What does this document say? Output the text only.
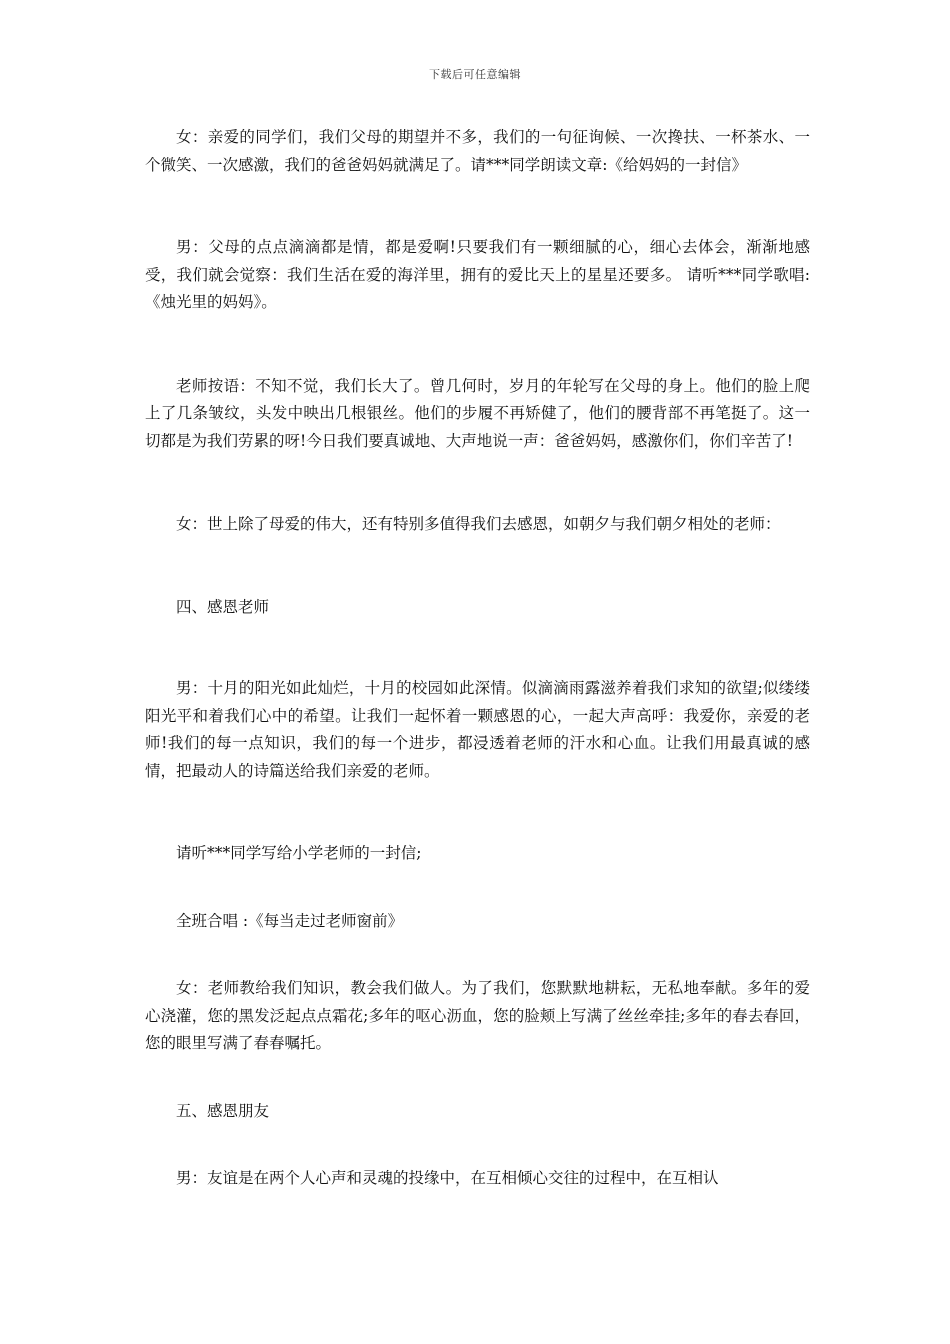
下载后可任意编辑

女：亲爱的同学们，我们父母的期望并不多，我们的一句征询候、一次搀扶、一杯茶水、一个微笑、一次感激，我们的爸爸妈妈就满足了。请***同学朗读文章:《给妈妈的一封信》

男：父母的点点滴滴都是情，都是爱啊!只要我们有一颗细腻的心，细心去体会，渐渐地感受，我们就会觉察：我们生活在爱的海洋里，拥有的爱比天上的星星还要多。 请听***同学歌唱:《烛光里的妈妈》。

老师按语：不知不觉，我们长大了。曾几何时，岁月的年轮写在父母的身上。他们的脸上爬上了几条皱纹，头发中映出几根银丝。他们的步履不再矫健了，他们的腰背部不再笔挺了。这一切都是为我们劳累的呀!今日我们要真诚地、大声地说一声：爸爸妈妈，感激你们，你们辛苦了!

女：世上除了母爱的伟大，还有特别多值得我们去感恩，如朝夕与我们朝夕相处的老师：

四、感恩老师

男：十月的阳光如此灿烂，十月的校园如此深情。似滴滴雨露滋养着我们求知的欲望;似缕缕阳光平和着我们心中的希望。让我们一起怀着一颗感恩的心，一起大声高呼：我爱你，亲爱的老师!我们的每一点知识，我们的每一个进步，都浸透着老师的汗水和心血。让我们用最真诚的感情，把最动人的诗篇送给我们亲爱的老师。

请听***同学写给小学老师的一封信;

全班合唱 :《每当走过老师窗前》

女：老师教给我们知识，教会我们做人。为了我们，您默默地耕耘，无私地奉献。多年的爱心浇灌，您的黑发泛起点点霜花;多年的呕心沥血，您的脸颊上写满了丝丝牵挂;多年的春去春回，您的眼里写满了春春嘱托。

五、感恩朋友

男：友谊是在两个人心声和灵魂的投缘中，在互相倾心交往的过程中，在互相认
